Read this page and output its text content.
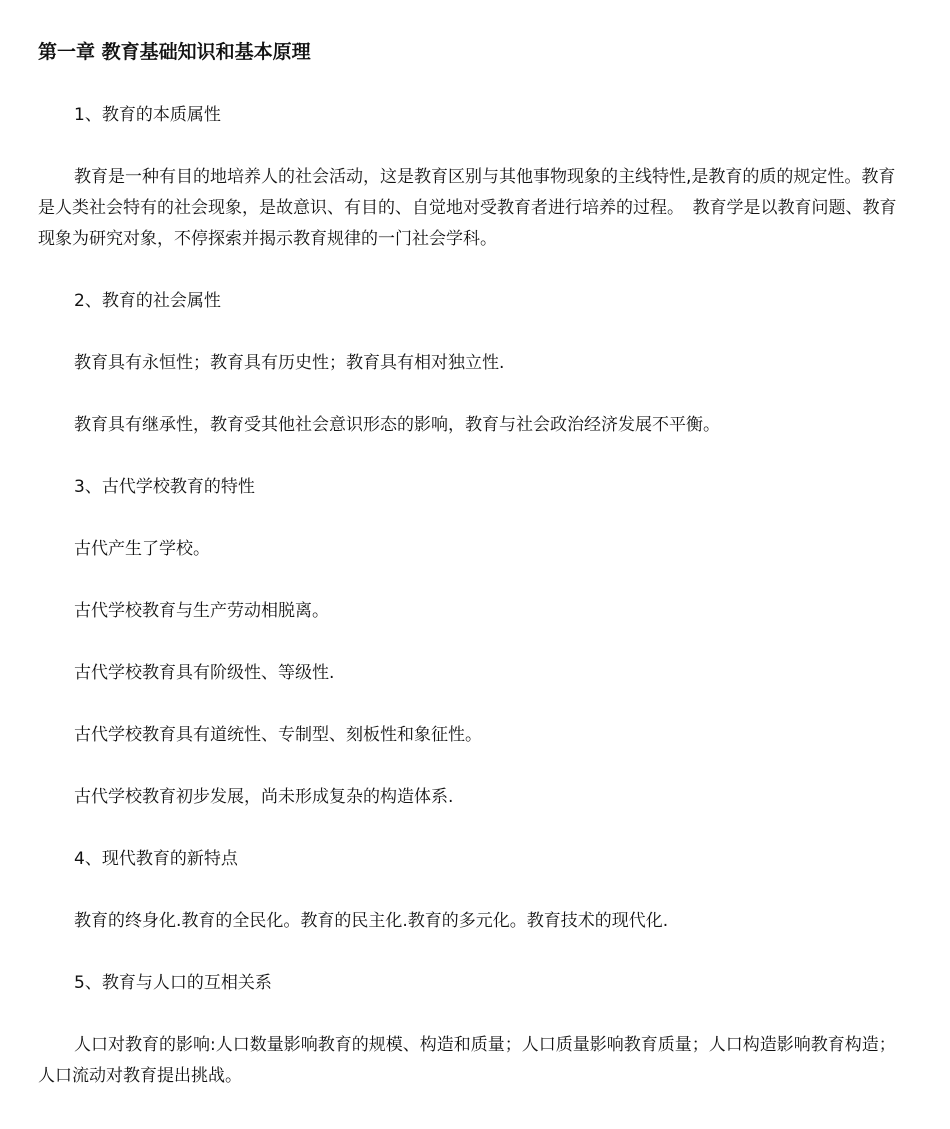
第一章 教育基础知识和基本原理

1、教育的本质属性

教育是一种有目的地培养人的社会活动，这是教育区别与其他事物现象的主线特性,是教育的质的规定性。教育是人类社会特有的社会现象，是故意识、有目的、自觉地对受教育者进行培养的过程。　教育学是以教育问题、教育现象为研究对象，不停探索并揭示教育规律的一门社会学科。

2、教育的社会属性

教育具有永恒性；教育具有历史性；教育具有相对独立性.

教育具有继承性，教育受其他社会意识形态的影响，教育与社会政治经济发展不平衡。

3、古代学校教育的特性

古代产生了学校。

古代学校教育与生产劳动相脱离。

古代学校教育具有阶级性、等级性.

古代学校教育具有道统性、专制型、刻板性和象征性。

古代学校教育初步发展，尚未形成复杂的构造体系.

4、现代教育的新特点

教育的终身化.教育的全民化。教育的民主化.教育的多元化。教育技术的现代化.

5、教育与人口的互相关系

人口对教育的影响:人口数量影响教育的规模、构造和质量；人口质量影响教育质量；人口构造影响教育构造；人口流动对教育提出挑战。
